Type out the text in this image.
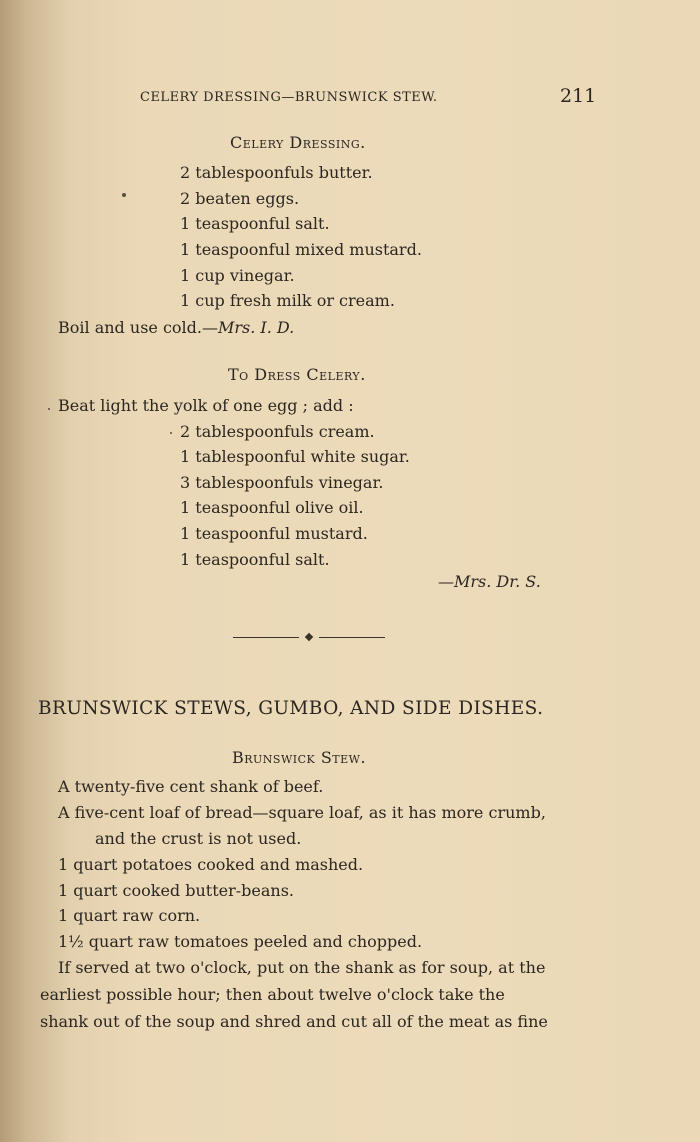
CELERY DRESSING—BRUNSWICK STEW.	211
Celery Dressing.
2 tablespoonfuls butter.
2 beaten eggs.
1 teaspoonful salt.
1 teaspoonful mixed mustard.
1 cup vinegar.
1 cup fresh milk or cream.
Boil and use cold.—Mrs. I. D.
To Dress Celery.
Beat light the yolk of one egg ; add :
2 tablespoonfuls cream.
1 tablespoonful white sugar.
3 tablespoonfuls vinegar.
1 teaspoonful olive oil.
1 teaspoonful mustard.
1 teaspoonful salt.
—Mrs. Dr. S.
BRUNSWICK STEWS, GUMBO, AND SIDE DISHES.
Brunswick Stew.
A twenty-five cent shank of beef.
A five-cent loaf of bread—square loaf, as it has more crumb,
and the crust is not used.
1 quart potatoes cooked and mashed.
1 quart cooked butter-beans.
1 quart raw corn.
1½ quart raw tomatoes peeled and chopped.
If served at two o'clock, put on the shank as for soup, at the
earliest possible hour; then about twelve o'clock take the
shank out of the soup and shred and cut all of the meat as fine
